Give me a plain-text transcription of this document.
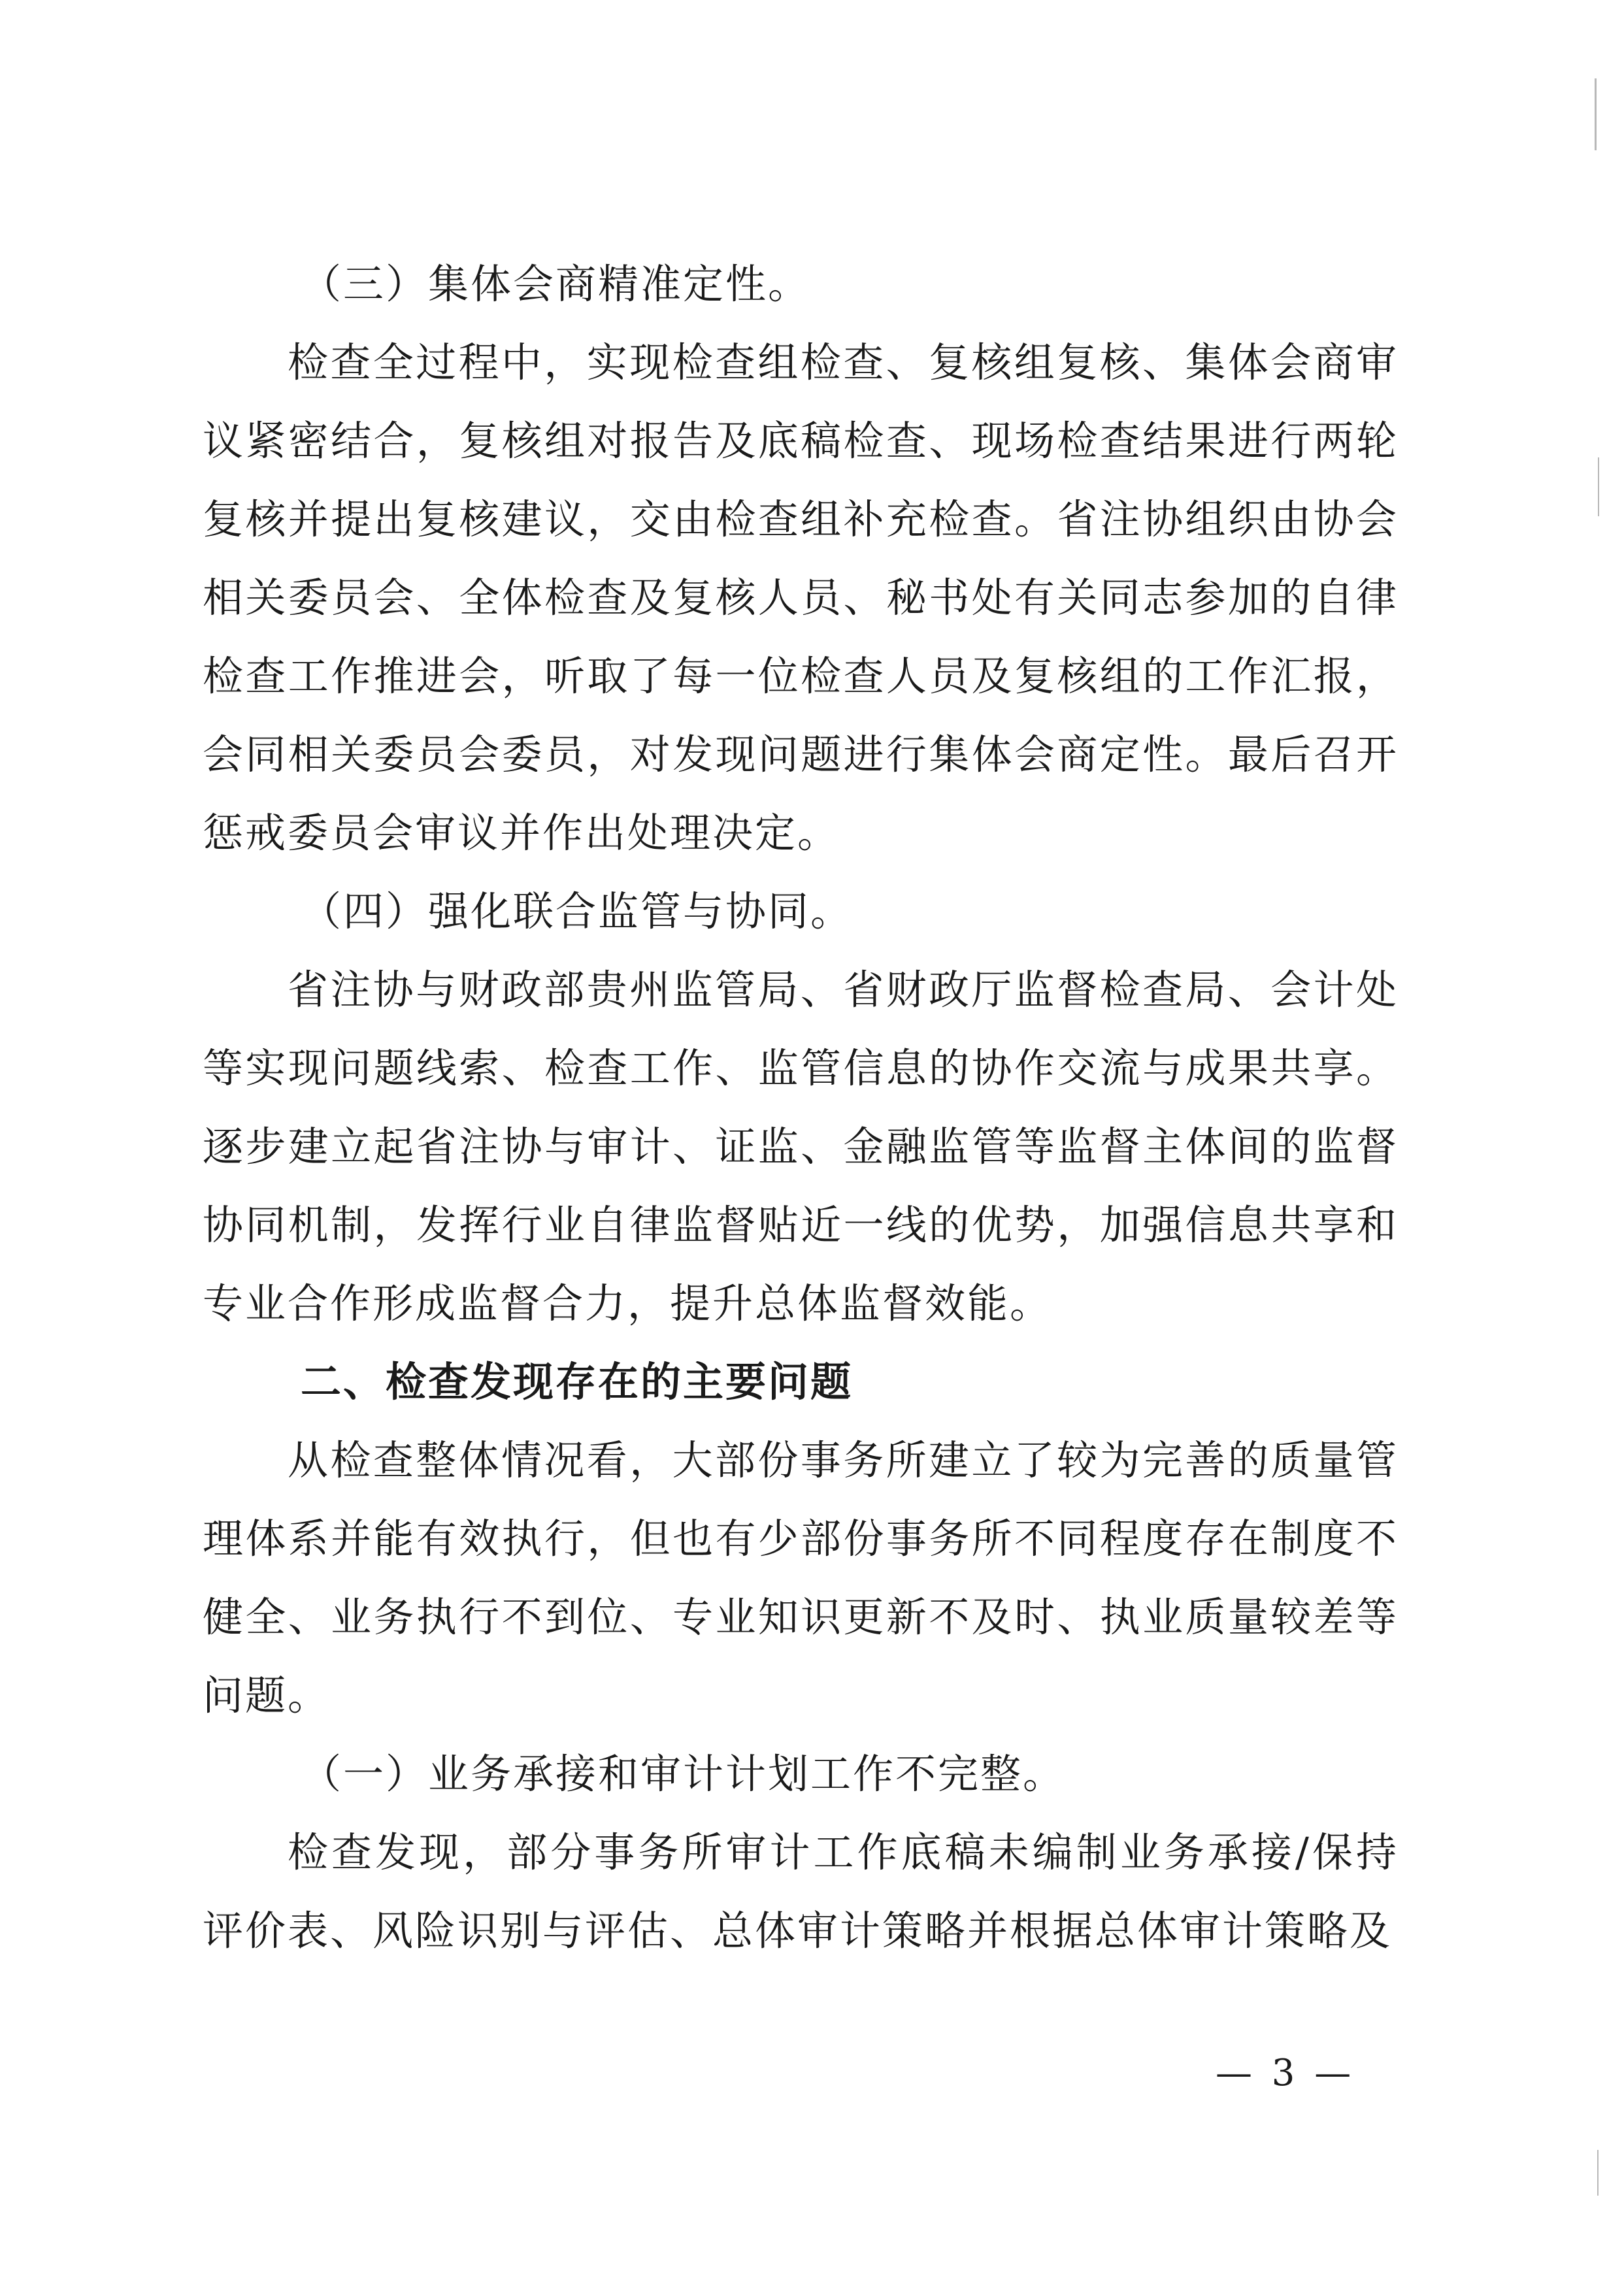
（三）集体会商精准定性。
检查全过程中，实现检查组检查、复核组复核、集体会商审
议紧密结合，复核组对报告及底稿检查、现场检查结果进行两轮
复核并提出复核建议，交由检查组补充检查。省注协组织由协会
相关委员会、全体检查及复核人员、秘书处有关同志参加的自律
检查工作推进会，听取了每一位检查人员及复核组的工作汇报，
会同相关委员会委员，对发现问题进行集体会商定性。最后召开
惩戒委员会审议并作出处理决定。
（四）强化联合监管与协同。
省注协与财政部贵州监管局、省财政厅监督检查局、会计处
等实现问题线索、检查工作、监管信息的协作交流与成果共享。
逐步建立起省注协与审计、证监、金融监管等监督主体间的监督
协同机制，发挥行业自律监督贴近一线的优势，加强信息共享和
专业合作形成监督合力，提升总体监督效能。
二、检查发现存在的主要问题
从检查整体情况看，大部份事务所建立了较为完善的质量管
理体系并能有效执行，但也有少部份事务所不同程度存在制度不
健全、业务执行不到位、专业知识更新不及时、执业质量较差等
问题。
（一）业务承接和审计计划工作不完整。
检查发现，部分事务所审计工作底稿未编制业务承接/保持
评价表、风险识别与评估、总体审计策略并根据总体审计策略及
— 3 —
